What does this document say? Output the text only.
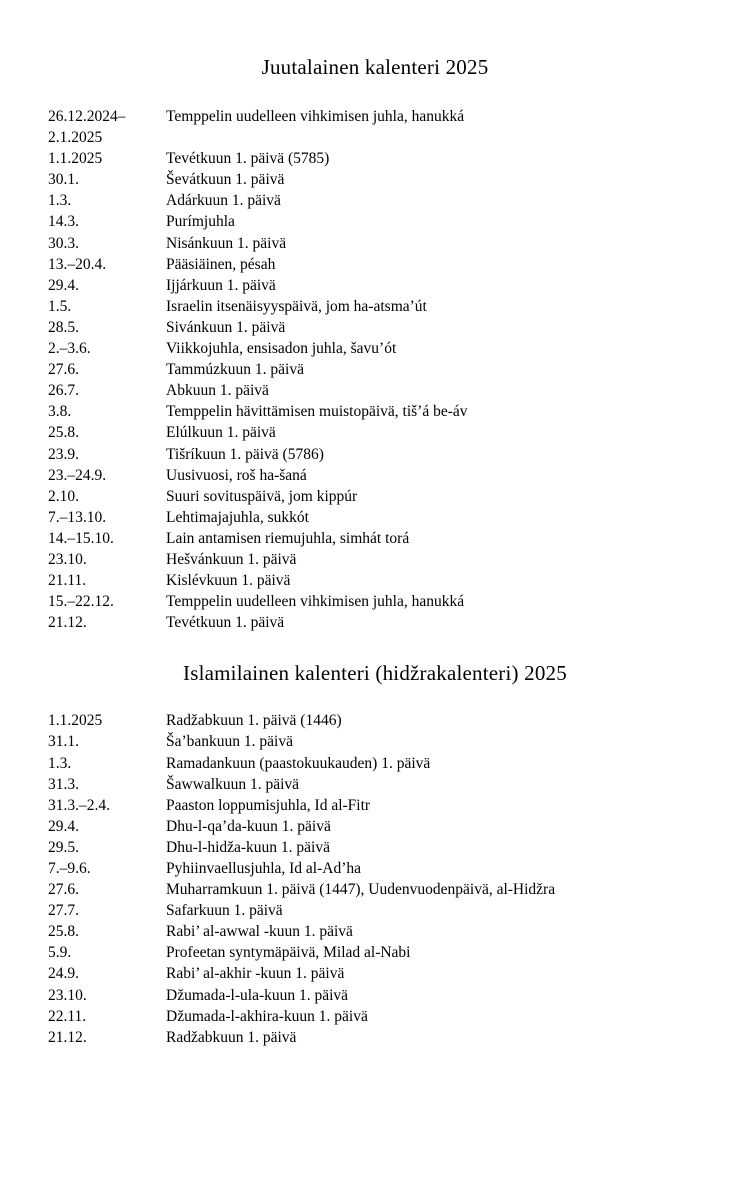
Juutalainen kalenteri 2025
26.12.2024–
2.1.2025	Temppelin uudelleen vihkimisen juhla, hanukká
1.1.2025	Tevétkuun 1. päivä (5785)
30.1.	Ševátkuun 1. päivä
1.3.	Adárkuun 1. päivä
14.3.	Purímjuhla
30.3.	Nisánkuun 1. päivä
13.–20.4.	Pääsiäinen, pésah
29.4.	Ijjárkuun 1. päivä
1.5.	Israelin itsenäisyyspäivä, jom ha-atsma’út
28.5.	Sivánkuun 1. päivä
2.–3.6.	Viikkojuhla, ensisadon juhla, šavu’ót
27.6.	Tammúzkuun 1. päivä
26.7.	Abkuun 1. päivä
3.8.	Temppelin hävittämisen muistopäivä, tiš’á be-áv
25.8.	Elúlkuun 1. päivä
23.9.	Tišríkuun 1. päivä (5786)
23.–24.9.	Uusivuosi, roš ha-šaná
2.10.	Suuri sovituspäivä, jom kippúr
7.–13.10.	Lehtimajajuhla, sukkót
14.–15.10.	Lain antamisen riemujuhla, simhát torá
23.10.	Hešvánkuun 1. päivä
21.11.	Kislévkuun 1. päivä
15.–22.12.	Temppelin uudelleen vihkimisen juhla, hanukká
21.12.	Tevétkuun 1. päivä
Islamilainen kalenteri (hidžrakalenteri) 2025
1.1.2025	Radžabkuun 1. päivä (1446)
31.1.	Ša’bankuun 1. päivä
1.3.	Ramadankuun (paastokuukauden) 1. päivä
31.3.	Šawwalkuun 1. päivä
31.3.–2.4.	Paaston loppumisjuhla, Id al-Fitr
29.4.	Dhu-l-qa’da-kuun 1. päivä
29.5.	Dhu-l-hidža-kuun 1. päivä
7.–9.6.	Pyhiinvaellusjuhla, Id al-Ad’ha
27.6.	Muharramkuun 1. päivä (1447), Uudenvuodenpäivä, al-Hidžra
27.7.	Safarkuun 1. päivä
25.8.	Rabi’ al-awwal -kuun 1. päivä
5.9.	Profeetan syntymäpäivä, Milad al-Nabi
24.9.	Rabi’ al-akhir -kuun 1. päivä
23.10.	Džumada-l-ula-kuun 1. päivä
22.11.	Džumada-l-akhira-kuun 1. päivä
21.12.	Radžabkuun 1. päivä
